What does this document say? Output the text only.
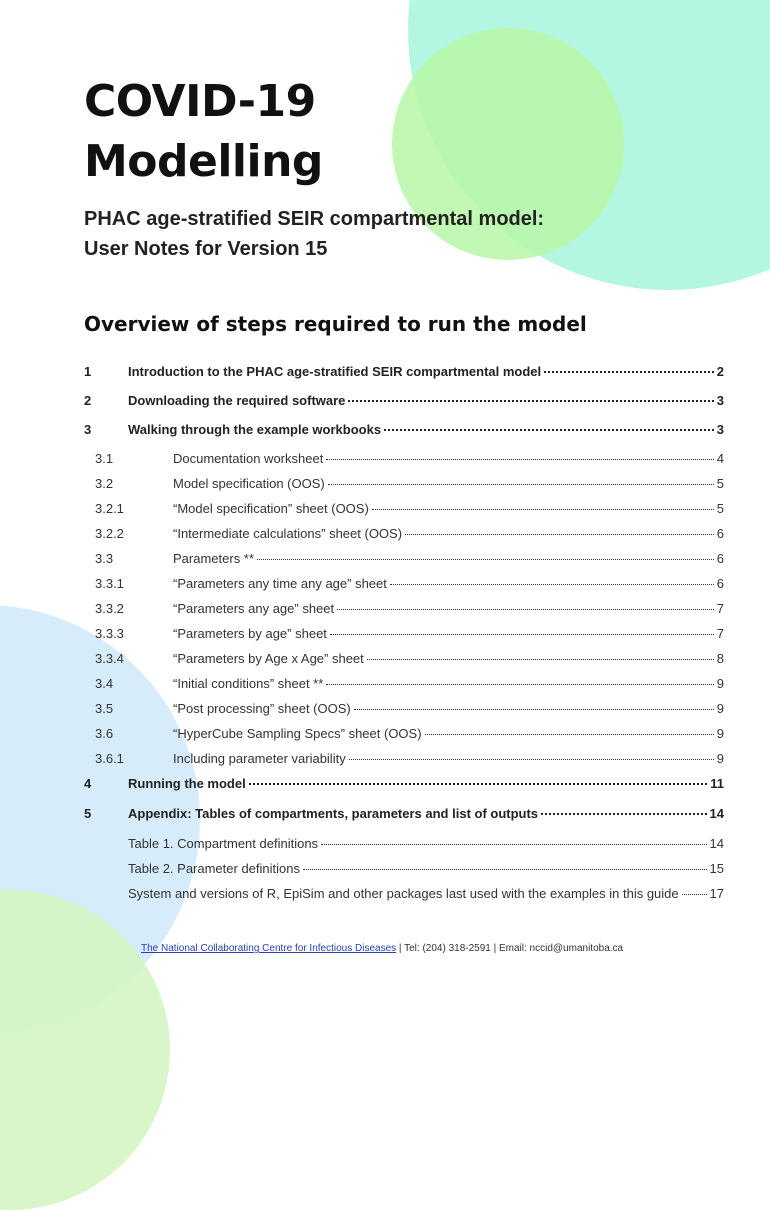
COVID-19
Modelling
PHAC age-stratified SEIR compartmental model:
User Notes for Version 15
Overview of steps required to run the model
1	Introduction to the PHAC age-stratified SEIR compartmental model	2
2	Downloading the required software	3
3	Walking through the example workbooks	3
3.1	Documentation worksheet	4
3.2	Model specification (OOS)	5
3.2.1	“Model specification” sheet (OOS)	5
3.2.2	“Intermediate calculations” sheet (OOS)	6
3.3	Parameters **	6
3.3.1	“Parameters any time any age” sheet	6
3.3.2	“Parameters any age” sheet	7
3.3.3	“Parameters by age” sheet	7
3.3.4	“Parameters by Age x Age” sheet	8
3.4	“Initial conditions” sheet **	9
3.5	“Post processing” sheet (OOS)	9
3.6	“HyperCube Sampling Specs” sheet (OOS)	9
3.6.1	Including parameter variability	9
4	Running the model	11
5	Appendix: Tables of compartments, parameters and list of outputs	14
Table 1. Compartment definitions	14
Table 2. Parameter definitions	15
System and versions of R, EpiSim and other packages last used with the examples in this guide 17
The National Collaborating Centre for Infectious Diseases | Tel: (204) 318-2591 | Email: nccid@umanitoba.ca
